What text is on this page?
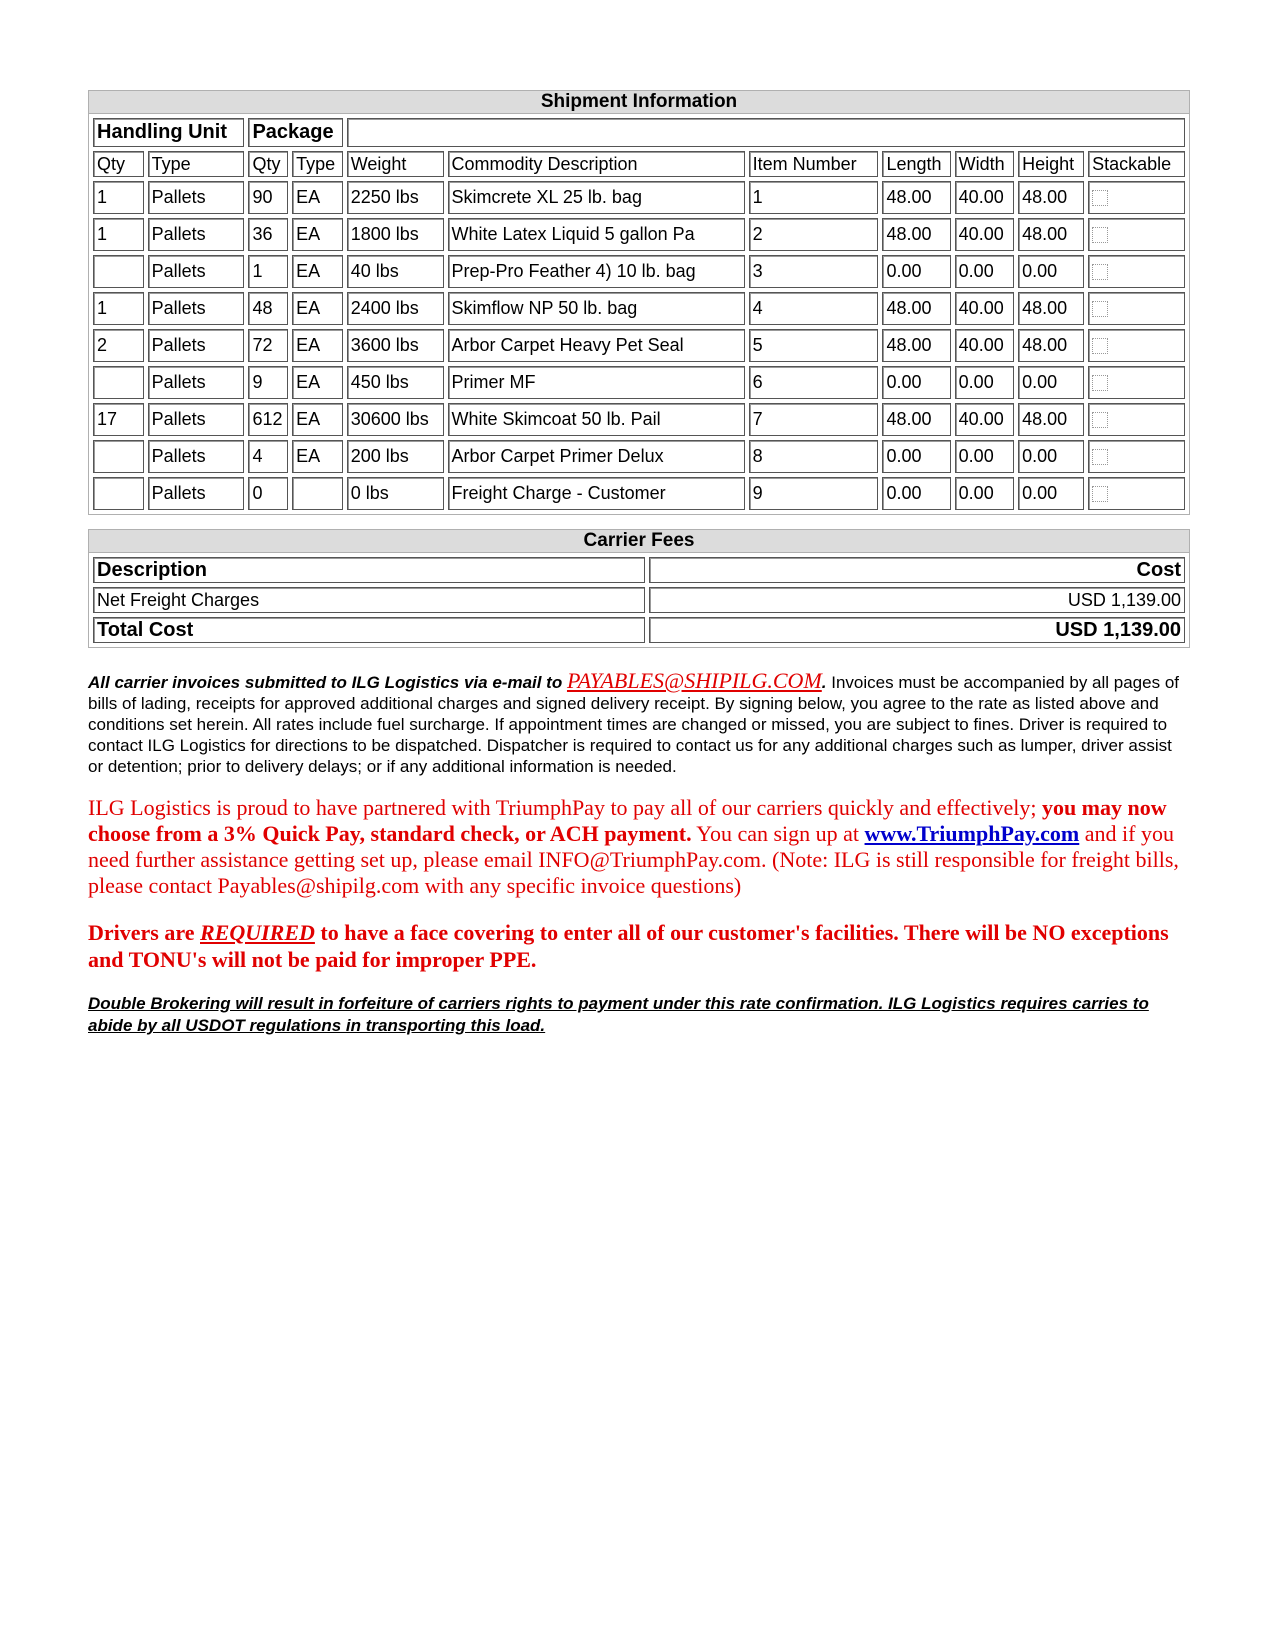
Shipment Information
Handling Unit		Package								
Qty	Type	Qty	Type	Weight	Commodity Description	Item Number	Length	Width	Height	Stackable
1	Pallets	90	EA	2250 lbs	Skimcrete XL 25 lb. bag	1	48.00	40.00	48.00	
1	Pallets	36	EA	1800 lbs	White Latex Liquid 5 gallon Pa	2	48.00	40.00	48.00	
	Pallets	1	EA	40 lbs	Prep-Pro Feather 4) 10 lb. bag	3	0.00	0.00	0.00	
1	Pallets	48	EA	2400 lbs	Skimflow NP 50 lb. bag	4	48.00	40.00	48.00	
2	Pallets	72	EA	3600 lbs	Arbor Carpet Heavy Pet Seal	5	48.00	40.00	48.00	
	Pallets	9	EA	450 lbs	Primer MF	6	0.00	0.00	0.00	
17	Pallets	612	EA	30600 lbs	White Skimcoat 50 lb. Pail	7	48.00	40.00	48.00	
	Pallets	4	EA	200 lbs	Arbor Carpet Primer Delux	8	0.00	0.00	0.00	
	Pallets	0		0 lbs	Freight Charge - Customer	9	0.00	0.00	0.00	
Carrier Fees
Description	Cost
Net Freight Charges	USD 1,139.00
Total Cost	USD 1,139.00
All carrier invoices submitted to ILG Logistics via e-mail to PAYABLES@SHIPILG.COM. Invoices must be accompanied by all pages of bills of lading, receipts for approved additional charges and signed delivery receipt. By signing below, you agree to the rate as listed above and conditions set herein. All rates include fuel surcharge. If appointment times are changed or missed, you are subject to fines. Driver is required to contact ILG Logistics for directions to be dispatched. Dispatcher is required to contact us for any additional charges such as lumper, driver assist or detention; prior to delivery delays; or if any additional information is needed.
ILG Logistics is proud to have partnered with TriumphPay to pay all of our carriers quickly and effectively; you may now choose from a 3% Quick Pay, standard check, or ACH payment. You can sign up at www.TriumphPay.com and if you need further assistance getting set up, please email INFO@TriumphPay.com. (Note: ILG is still responsible for freight bills, please contact Payables@shipilg.com with any specific invoice questions)
Drivers are REQUIRED to have a face covering to enter all of our customer's facilities. There will be NO exceptions and TONU's will not be paid for improper PPE.
Double Brokering will result in forfeiture of carriers rights to payment under this rate confirmation. ILG Logistics requires carries to abide by all USDOT regulations in transporting this load.
